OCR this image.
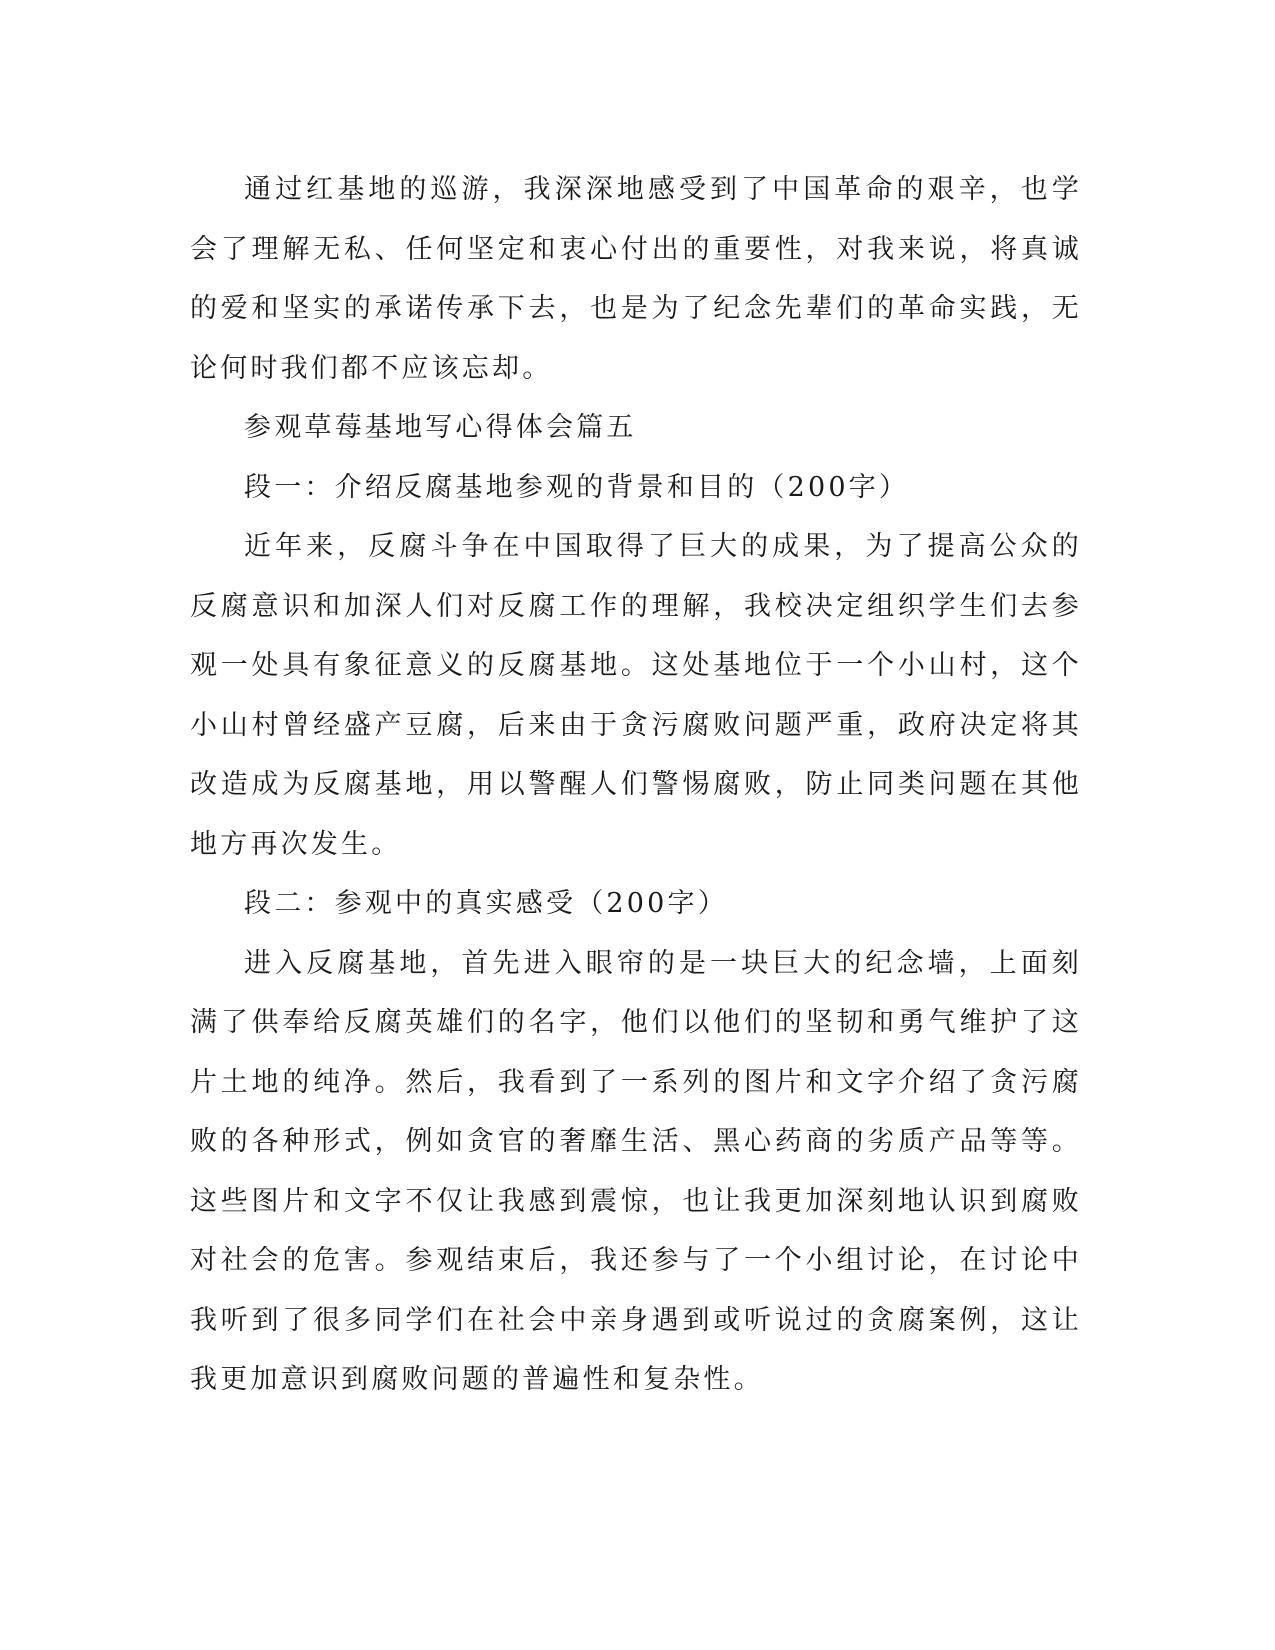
通过红基地的巡游，我深深地感受到了中国革命的艰辛，也学会了理解无私、任何坚定和衷心付出的重要性，对我来说，将真诚的爱和坚实的承诺传承下去，也是为了纪念先辈们的革命实践，无论何时我们都不应该忘却。

参观草莓基地写心得体会篇五

段一：介绍反腐基地参观的背景和目的（200字）

近年来，反腐斗争在中国取得了巨大的成果，为了提高公众的反腐意识和加深人们对反腐工作的理解，我校决定组织学生们去参观一处具有象征意义的反腐基地。这处基地位于一个小山村，这个小山村曾经盛产豆腐，后来由于贪污腐败问题严重，政府决定将其改造成为反腐基地，用以警醒人们警惕腐败，防止同类问题在其他地方再次发生。

段二：参观中的真实感受（200字）

进入反腐基地，首先进入眼帘的是一块巨大的纪念墙，上面刻满了供奉给反腐英雄们的名字，他们以他们的坚韧和勇气维护了这片土地的纯净。然后，我看到了一系列的图片和文字介绍了贪污腐败的各种形式，例如贪官的奢靡生活、黑心药商的劣质产品等等。这些图片和文字不仅让我感到震惊，也让我更加深刻地认识到腐败对社会的危害。参观结束后，我还参与了一个小组讨论，在讨论中我听到了很多同学们在社会中亲身遇到或听说过的贪腐案例，这让我更加意识到腐败问题的普遍性和复杂性。
